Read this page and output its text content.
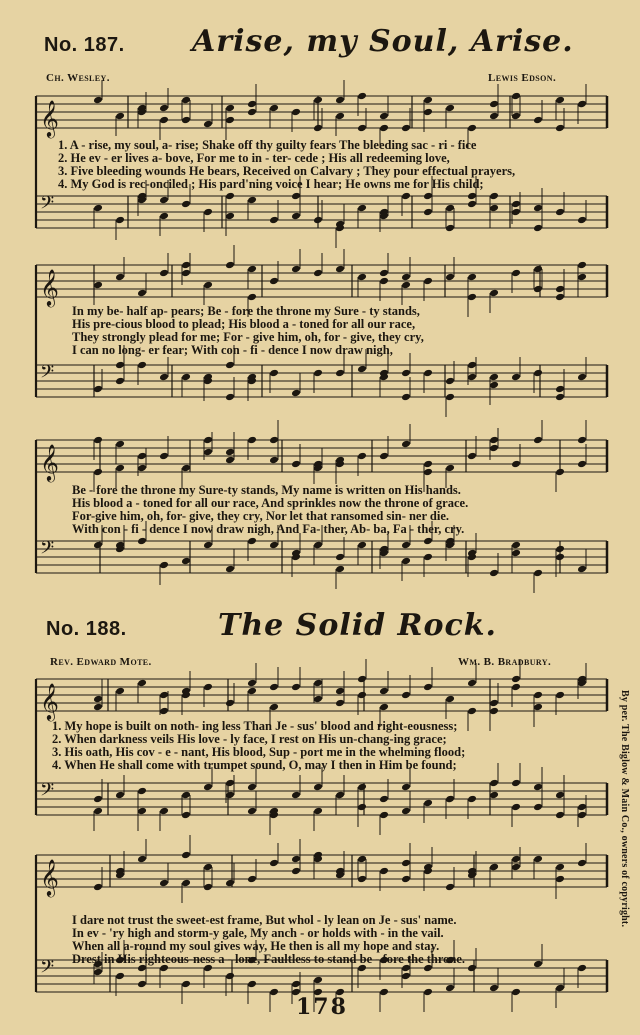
𝄞
𝄢
𝄞
𝄢
𝄞
𝄢
𝄞
𝄢
𝄞
𝄢
No. 187. Arise, my Soul, Arise.
Ch. Wesley.	Lewis Edson.
1. A - rise, my soul, a- rise; Shake off thy guilty fears The bleeding sac - ri - fice
2. He ev - er lives a- bove, For me to in - ter- cede ; His all redeeming love,
3. Five bleeding wounds He bears, Received on Calvary ; They pour effectual prayers,
4. My God is rec-onciled ; His pard'ning voice I hear; He owns me for His child;
In my be- half ap- pears; Be - fore the throne my Sure - ty stands,
His pre-cious blood to plead; His blood a - toned for all our race,
They strongly plead for me; For - give him, oh, for - give, they cry,
I can no long- er fear; With con - fi - dence I now draw nigh,
Be - fore the throne my Sure-ty stands, My name is written on His hands.
His blood a - toned for all our race, And sprinkles now the throne of grace.
For-give him, oh, for- give, they cry, Nor let that ransomed sin- ner die.
With con - fi - dence I now draw nigh, And Fa- ther, Ab- ba, Fa - ther, cry.
No. 188.	The Solid Rock.
Rev. Edward Mote.	Wm. B. Bradbury.
1. My hope is built on noth- ing less Than Je - sus' blood and right-eousness;
2. When darkness veils His love - ly face, I rest on His un-chang-ing grace;
3. His oath, His cov - e - nant, His blood, Sup - port me in the whelming flood;
4. When He shall come with trumpet sound, O, may I then in Him be found;
I dare not trust the sweet-est frame, But whol - ly lean on Je - sus' name.
In ev - 'ry high and storm-y gale, My anch - or holds with - in the vail.
When all a-round my soul gives way, He then is all my hope and stay.
Drest in His righteous-ness a - lone, Faultless to stand be - fore the throne.
By per. The Biglow & Main Co., owners of copyright.
178
